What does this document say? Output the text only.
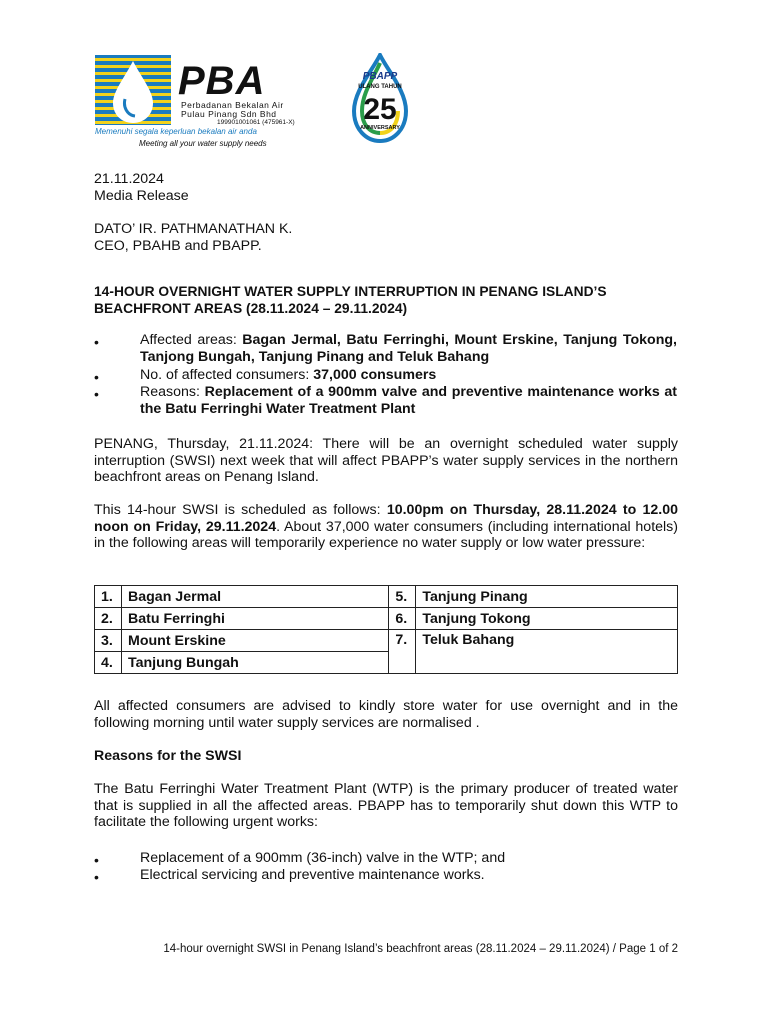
PBA
Perbadanan Bekalan Air
Pulau Pinang Sdn Bhd
199901001061 (475961-X)
Memenuhi segala keperluan bekalan air anda
Meeting all your water supply needs
PBAPP
ULANG TAHUN
25
ANNIVERSARY
21.11.2024
Media Release
DATO’ IR. PATHMANATHAN K.
CEO, PBAHB and PBAPP.
14-HOUR OVERNIGHT WATER SUPPLY INTERRUPTION IN PENANG ISLAND’S
BEACHFRONT AREAS (28.11.2024 – 29.11.2024)
•	Affected areas: Bagan Jermal, Batu Ferringhi, Mount Erskine, Tanjung Tokong, Tanjong Bungah, Tanjung Pinang and Teluk Bahang
•	No. of affected consumers: 37,000 consumers
•	Reasons: Replacement of a 900mm valve and preventive maintenance works at the Batu Ferringhi Water Treatment Plant
PENANG, Thursday, 21.11.2024: There will be an overnight scheduled water supply interruption (SWSI) next week that will affect PBAPP’s water supply services in the northern beachfront areas on Penang Island.
This 14-hour SWSI is scheduled as follows: 10.00pm on Thursday, 28.11.2024 to 12.00 noon on Friday, 29.11.2024. About 37,000 water consumers (including international hotels) in the following areas will temporarily experience no water supply or low water pressure:
1.	Bagan Jermal	5.	Tanjung Pinang
2.	Batu Ferringhi	6.	Tanjung Tokong
3.	Mount Erskine	7.	Teluk Bahang
4.	Tanjung Bungah		
All affected consumers are advised to kindly store water for use overnight and in the following morning until water supply services are normalised .
Reasons for the SWSI
The Batu Ferringhi Water Treatment Plant (WTP) is the primary producer of treated water that is supplied in all the affected areas. PBAPP has to temporarily shut down this WTP to facilitate the following urgent works:
•	Replacement of a 900mm (36-inch) valve in the WTP; and
•	Electrical servicing and preventive maintenance works.
14-hour overnight SWSI in Penang Island’s beachfront areas (28.11.2024 – 29.11.2024) / Page 1 of 2
